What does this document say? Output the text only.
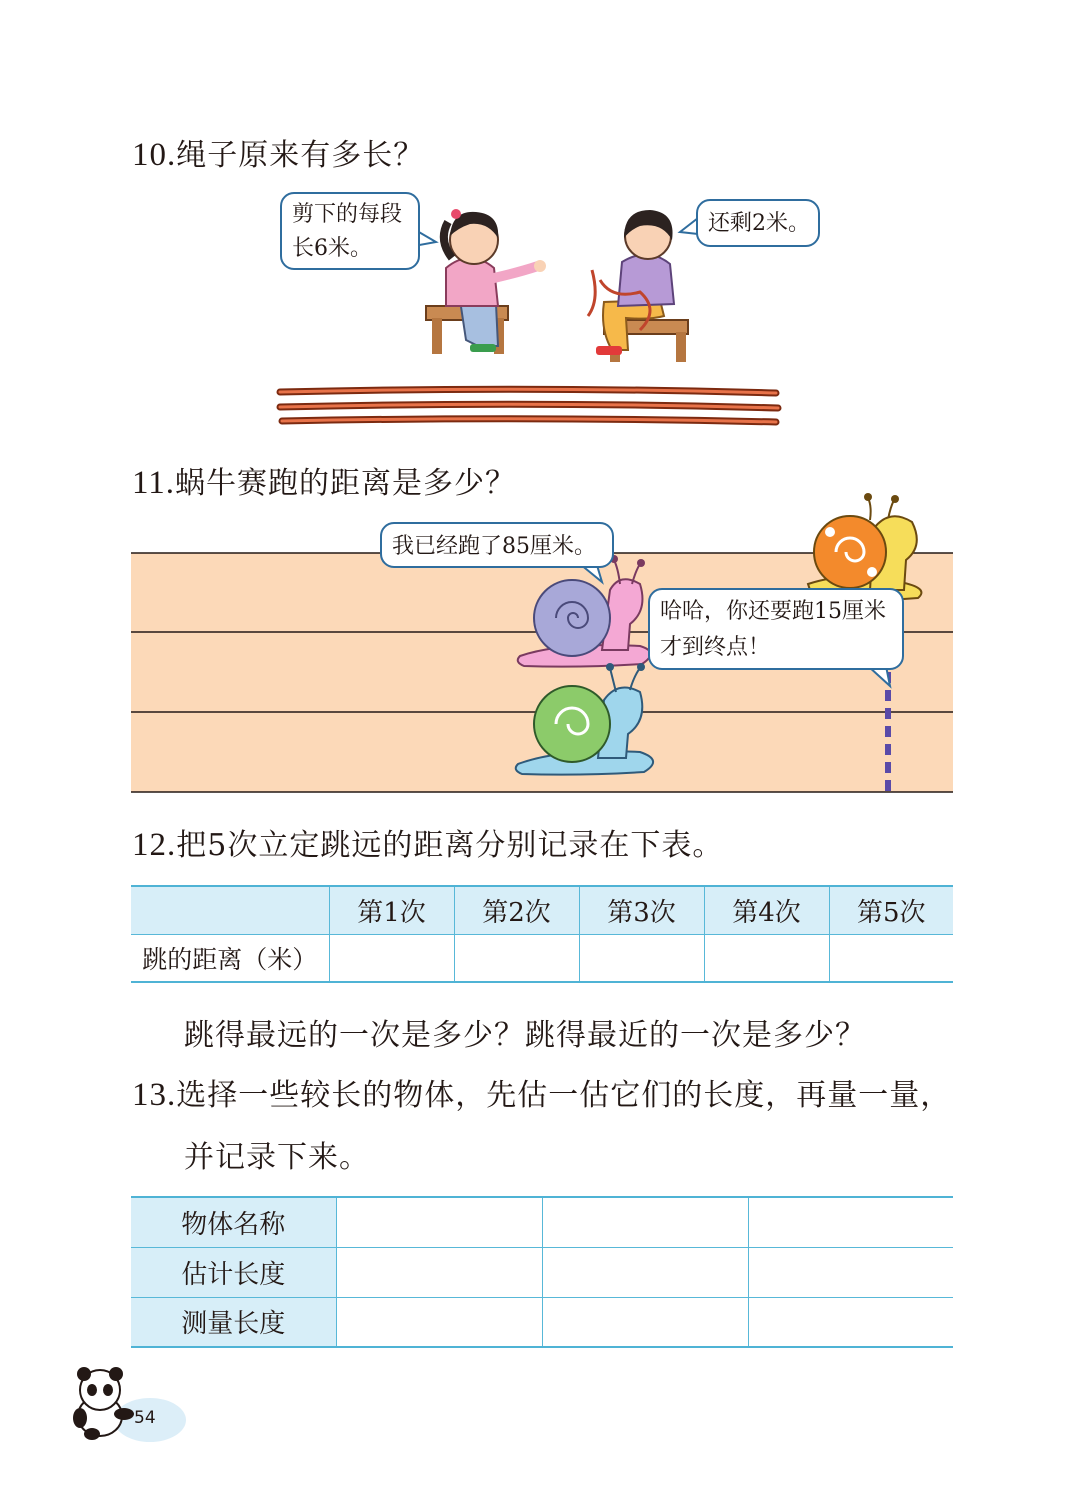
10.绳子原来有多长？
剪下的每段
长6米。
还剩2米。
11.蜗牛赛跑的距离是多少？
我已经跑了85厘米。
哈哈，你还要跑15厘米
才到终点！
12.把5次立定跳远的距离分别记录在下表。
	第1次	第2次	第3次	第4次	第5次
跳的距离（米）					
跳得最远的一次是多少？跳得最近的一次是多少？
13.选择一些较长的物体，先估一估它们的长度，再量一量，
并记录下来。
物体名称			
估计长度			
测量长度			
54
